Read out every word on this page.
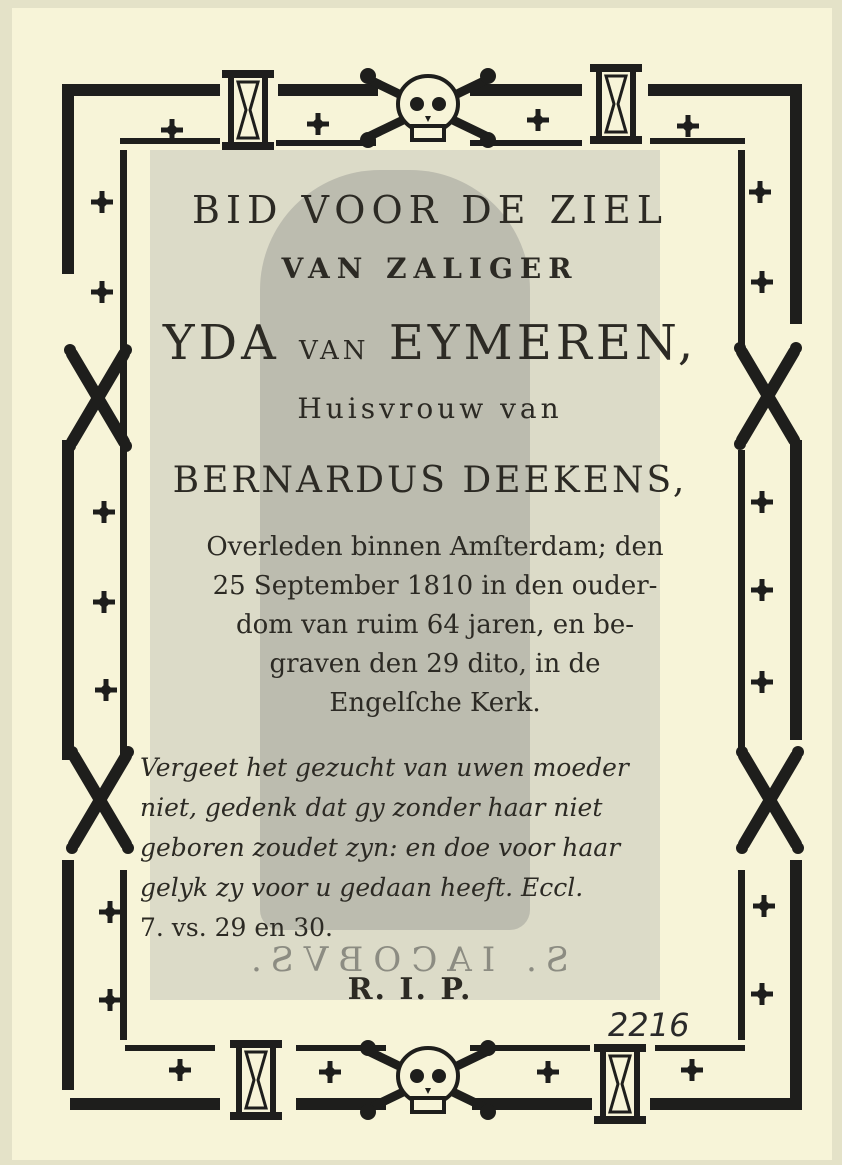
S. IACOBVS.
BID VOOR DE ZIEL
VAN ZALIGER
YDA VAN EYMEREN,
Huisvrouw van
BERNARDUS DEEKENS,
Overleden binnen Amſterdam; den
25 September 1810 in den ouder-
dom van ruim 64 jaren, en be-
graven den 29 dito, in de
Engelſche Kerk.
Vergeet het gezucht van uwen moeder
niet, gedenk dat gy zonder haar niet
geboren zoudet zyn: en doe voor haar
gelyk zy voor u gedaan heeft. Eccl.
7. vs. 29 en 30.
R. I. P.
2216
